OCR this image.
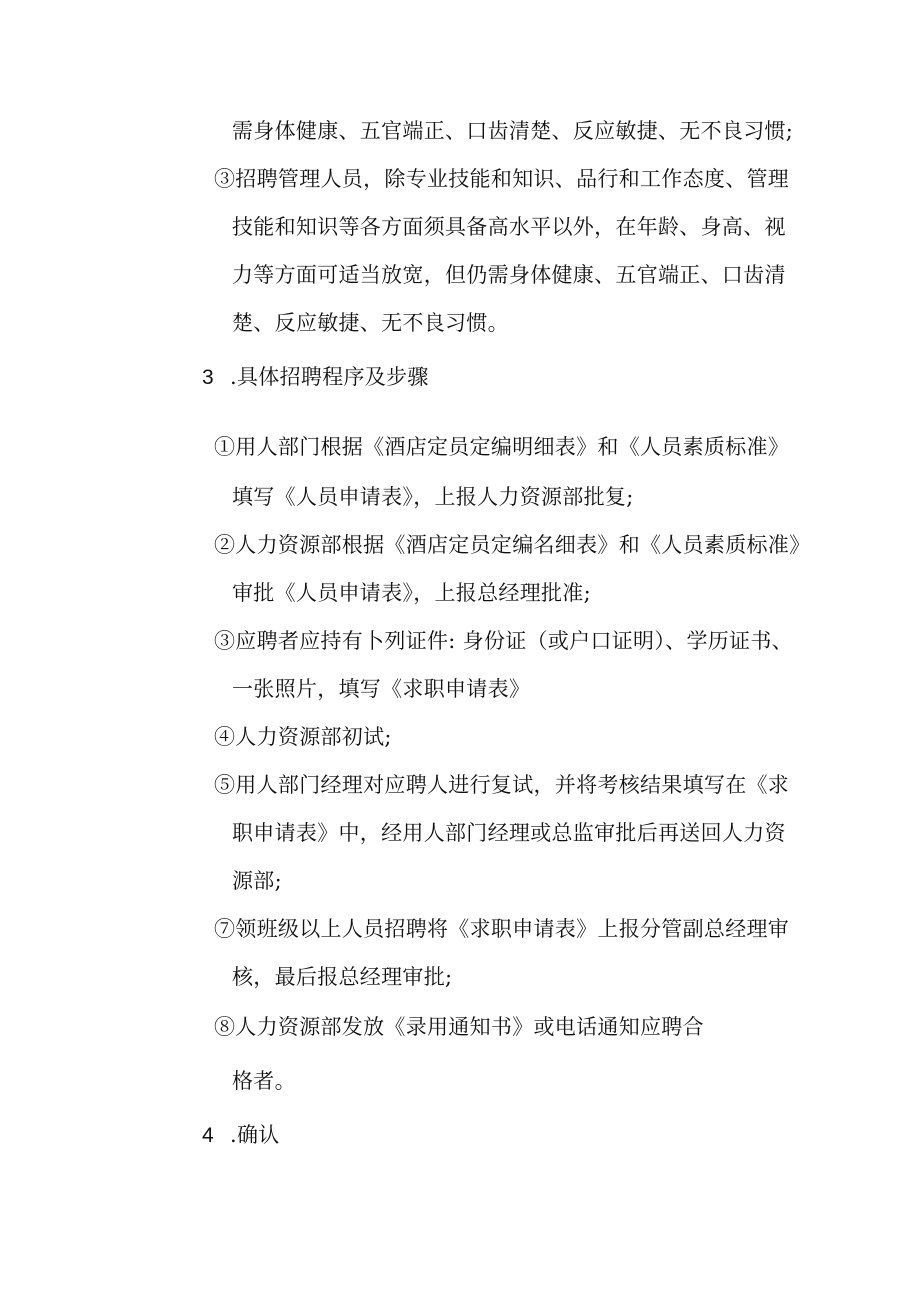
需身体健康、五官端正、口齿清楚、反应敏捷、无不良习惯;
③招聘管理人员，除专业技能和知识、品行和工作态度、管理
技能和知识等各方面须具备高水平以外，在年龄、身高、视
力等方面可适当放宽，但仍需身体健康、五官端正、口齿清
楚、反应敏捷、无不良习惯。
3 .具体招聘程序及步骤
①用人部门根据《酒店定员定编明细表》和《人员素质标准》
填写《人员申请表》，上报人力资源部批复;
②人力资源部根据《酒店定员定编名细表》和《人员素质标准》
审批《人员申请表》，上报总经理批准;
③应聘者应持有卜列证件: 身份证（或户口证明）、学历证书、
一张照片，填写《求职申请表》
④人力资源部初试;
⑤用人部门经理对应聘人进行复试，并将考核结果填写在《求
职申请表》中，经用人部门经理或总监审批后再送回人力资
源部;
⑦领班级以上人员招聘将《求职申请表》上报分管副总经理审
核，最后报总经理审批;
⑧人力资源部发放《录用通知书》或电话通知应聘合
格者。
4 .确认
